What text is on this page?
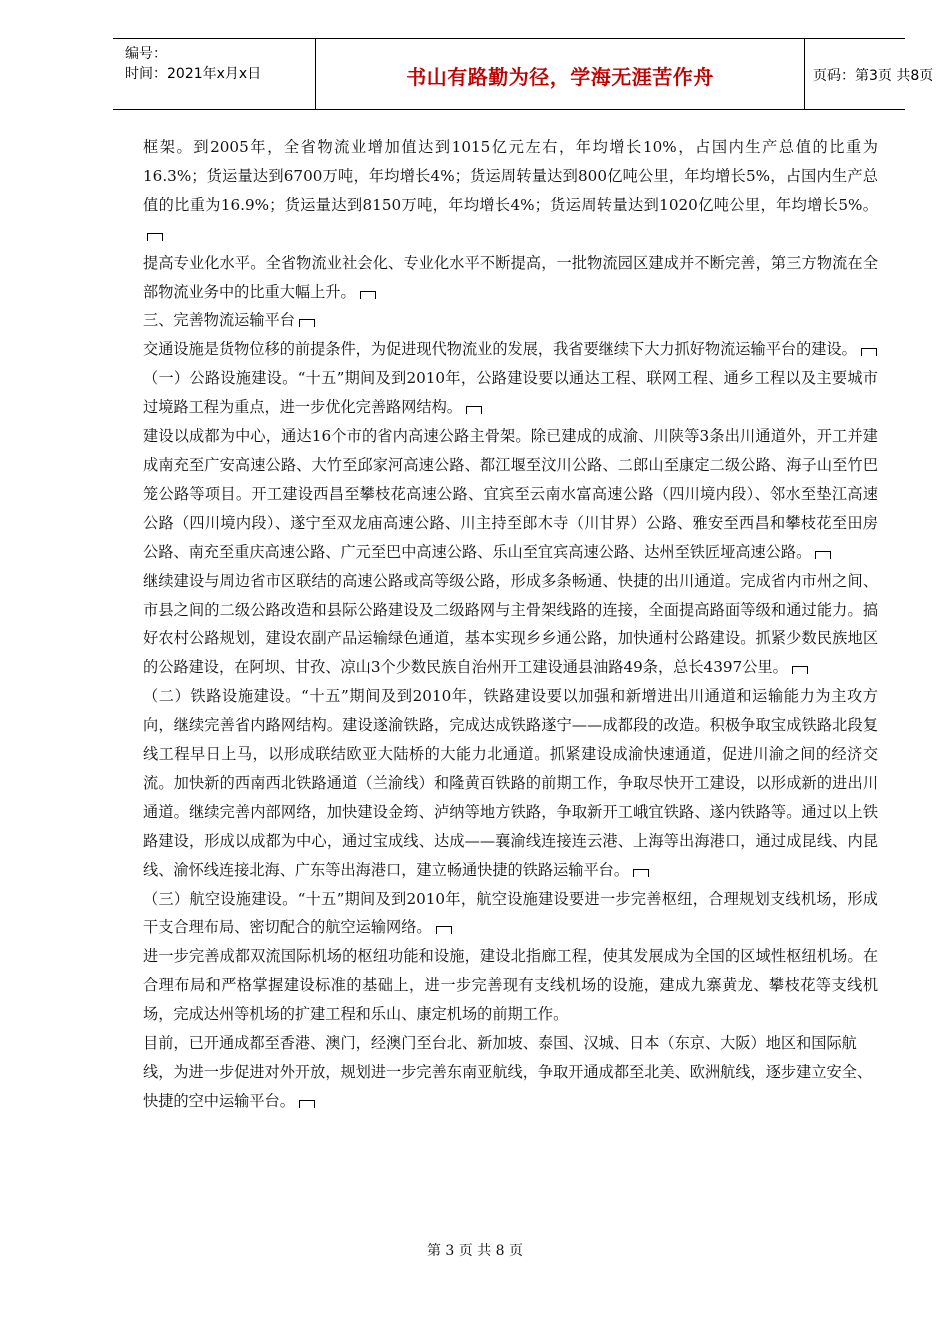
编号：
时间：2021年x月x日	书山有路勤为径，学海无涯苦作舟	页码：第3页 共8页

框架。到2005年，全省物流业增加值达到1015亿元左右，年均增长10%，占国内生产总值的比重为16.3%；货运量达到6700万吨，年均增长4%；货运周转量达到800亿吨公里，年均增长5%，占国内生产总值的比重为16.9%；货运量达到8150万吨，年均增长4%；货运周转量达到1020亿吨公里，年均增长5%。

提高专业化水平。全省物流业社会化、专业化水平不断提高，一批物流园区建成并不断完善，第三方物流在全部物流业务中的比重大幅上升。

三、完善物流运输平台

交通设施是货物位移的前提条件，为促进现代物流业的发展，我省要继续下大力抓好物流运输平台的建设。

（一）公路设施建设。“十五”期间及到2010年，公路建设要以通达工程、联网工程、通乡工程以及主要城市过境路工程为重点，进一步优化完善路网结构。

建设以成都为中心，通达16个市的省内高速公路主骨架。除已建成的成渝、川陕等3条出川通道外，开工并建成南充至广安高速公路、大竹至邱家河高速公路、都江堰至汶川公路、二郎山至康定二级公路、海子山至竹巴笼公路等项目。开工建设西昌至攀枝花高速公路、宜宾至云南水富高速公路（四川境内段）、邻水至垫江高速公路（四川境内段）、遂宁至双龙庙高速公路、川主持至郎木寺（川甘界）公路、雅安至西昌和攀枝花至田房公路、南充至重庆高速公路、广元至巴中高速公路、乐山至宜宾高速公路、达州至铁匠垭高速公路。

继续建设与周边省市区联结的高速公路或高等级公路，形成多条畅通、快捷的出川通道。完成省内市州之间、市县之间的二级公路改造和县际公路建设及二级路网与主骨架线路的连接，全面提高路面等级和通过能力。搞好农村公路规划，建设农副产品运输绿色通道，基本实现乡乡通公路，加快通村公路建设。抓紧少数民族地区的公路建设，在阿坝、甘孜、凉山3个少数民族自治州开工建设通县油路49条，总长4397公里。

（二）铁路设施建设。“十五”期间及到2010年，铁路建设要以加强和新增进出川通道和运输能力为主攻方向，继续完善省内路网结构。建设遂渝铁路，完成达成铁路遂宁——成都段的改造。积极争取宝成铁路北段复线工程早日上马，以形成联结欧亚大陆桥的大能力北通道。抓紧建设成渝快速通道，促进川渝之间的经济交流。加快新的西南西北铁路通道（兰渝线）和隆黄百铁路的前期工作，争取尽快开工建设，以形成新的进出川通道。继续完善内部网络，加快建设金筠、泸纳等地方铁路，争取新开工峨宜铁路、遂内铁路等。通过以上铁路建设，形成以成都为中心，通过宝成线、达成——襄渝线连接连云港、上海等出海港口，通过成昆线、内昆线、渝怀线连接北海、广东等出海港口，建立畅通快捷的铁路运输平台。

（三）航空设施建设。“十五”期间及到2010年，航空设施建设要进一步完善枢纽，合理规划支线机场，形成干支合理布局、密切配合的航空运输网络。

进一步完善成都双流国际机场的枢纽功能和设施，建设北指廊工程，使其发展成为全国的区域性枢纽机场。在合理布局和严格掌握建设标准的基础上，进一步完善现有支线机场的设施，建成九寨黄龙、攀枝花等支线机场，完成达州等机场的扩建工程和乐山、康定机场的前期工作。

目前，已开通成都至香港、澳门，经澳门至台北、新加坡、泰国、汉城、日本（东京、大阪）地区和国际航线，为进一步促进对外开放，规划进一步完善东南亚航线，争取开通成都至北美、欧洲航线，逐步建立安全、快捷的空中运输平台。

第 3 页 共 8 页
